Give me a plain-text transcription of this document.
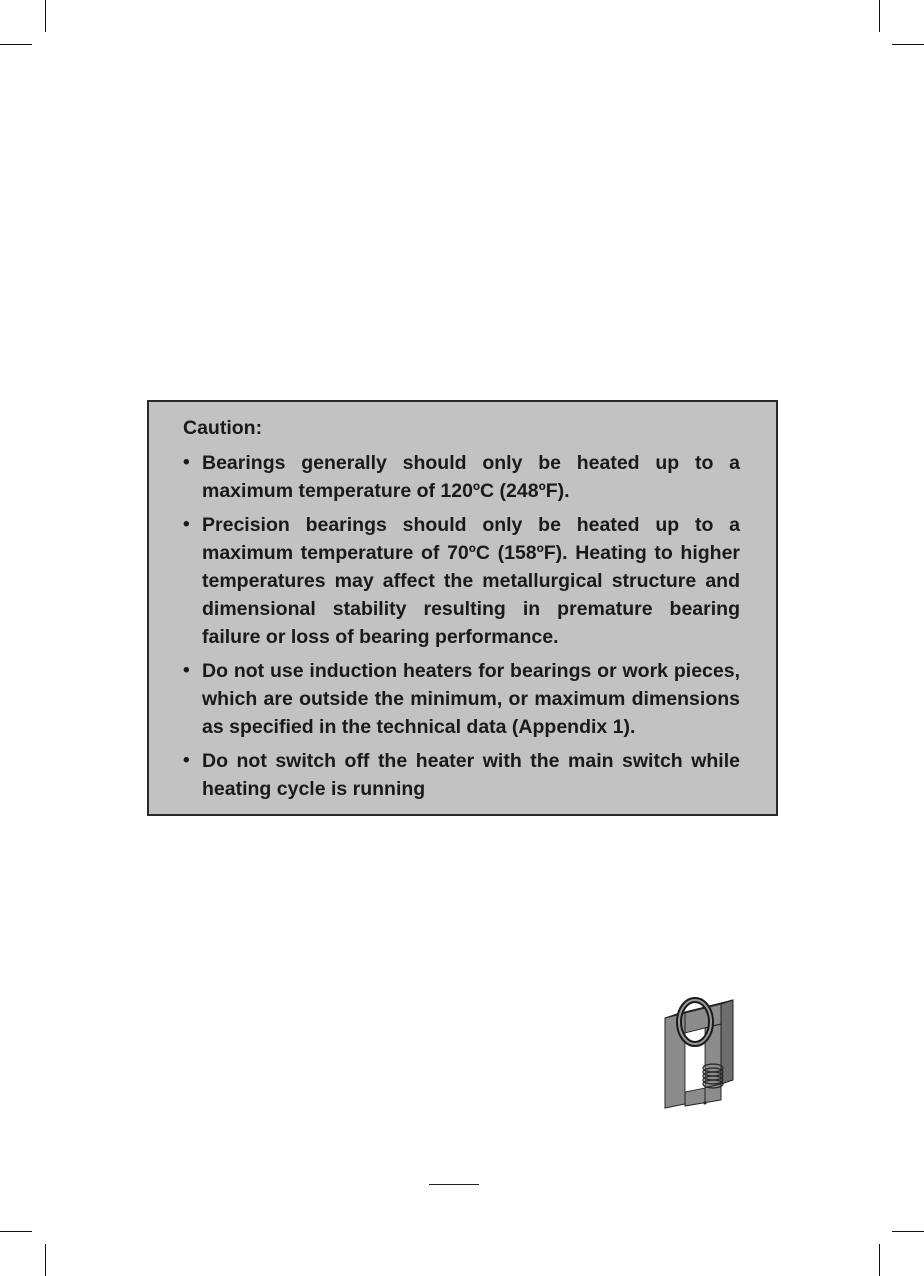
Caution:
• Bearings generally should only be heated up to a maximum temperature of 120ºC (248ºF).
• Precision bearings should only be heated up to a maximum temperature of 70ºC (158ºF). Heating to higher temperatures may affect the metallurgical structure and dimensional stability resulting in premature bearing failure or loss of bearing performance.
• Do not use induction heaters for bearings or work pieces, which are outside the minimum, or maximum dimensions as specified in the technical data (Appendix 1).
• Do not switch off the heater with the main switch while heating cycle is running
